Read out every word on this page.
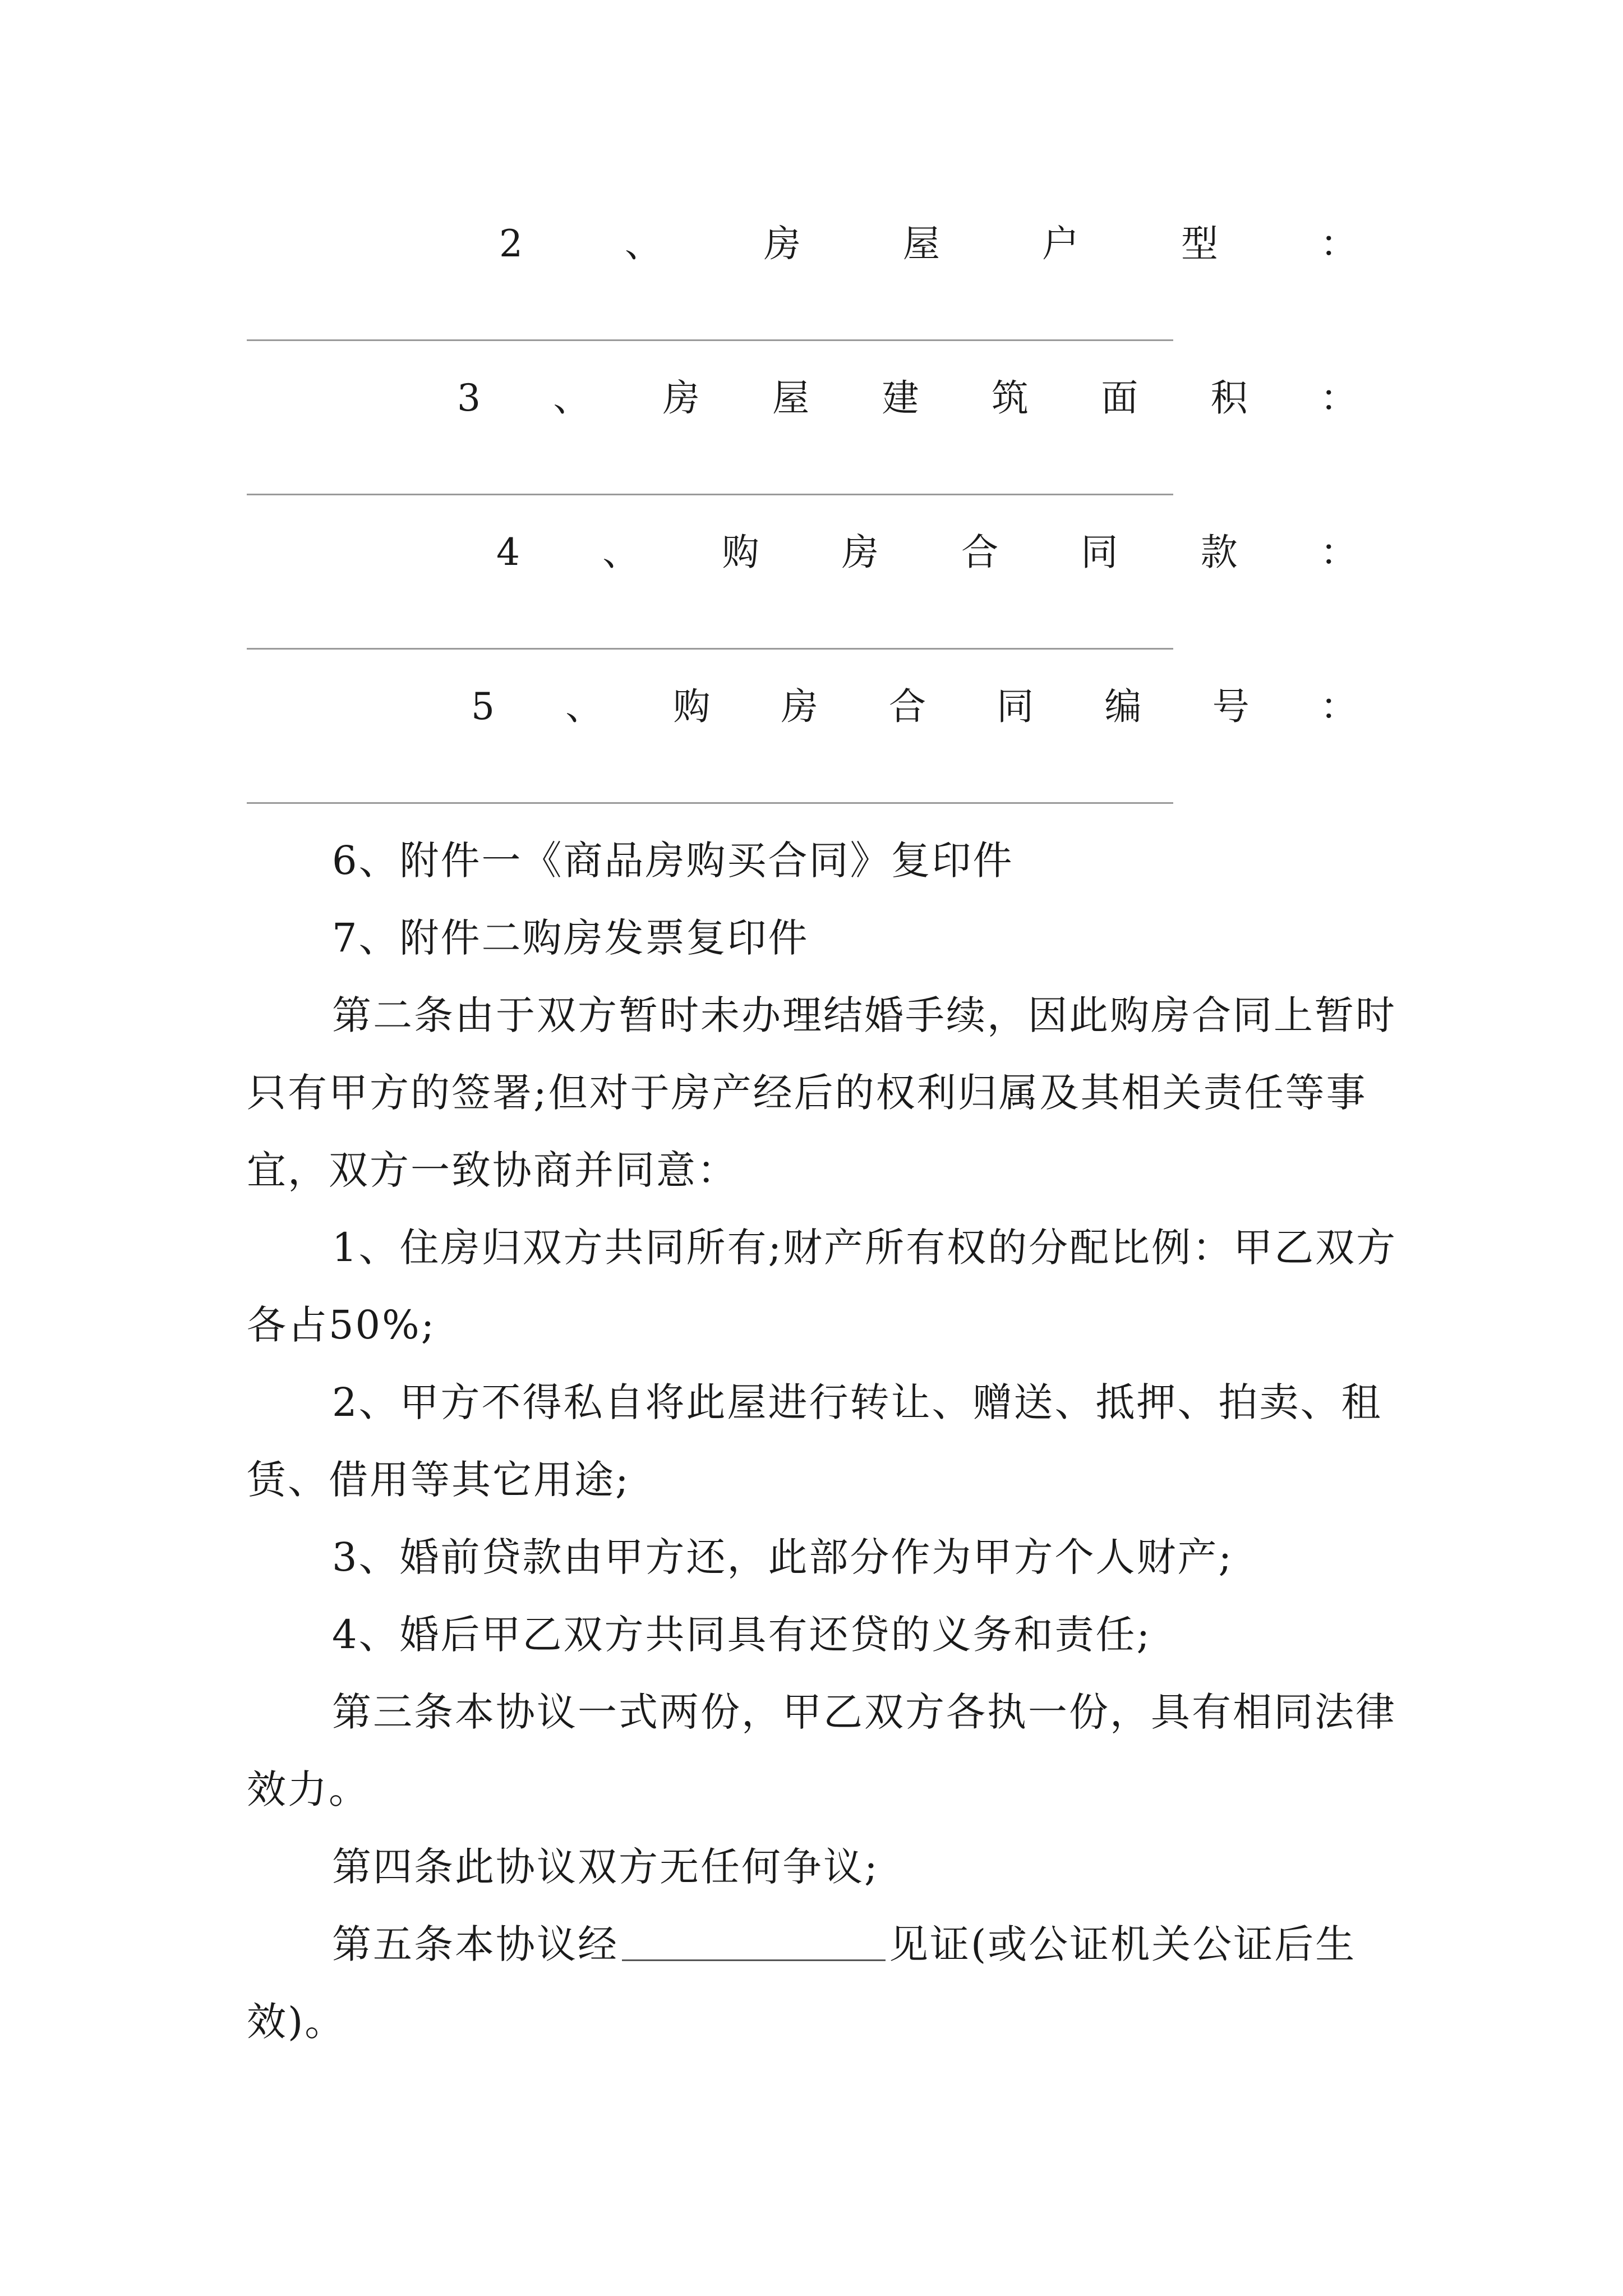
2	、	房	屋	户	型	：
3 、 房 屋 建 筑 面 积 ：
4 、 购 房 合 同 款 ：
5 、 购 房 合 同 编 号 ：

6、附件一《商品房购买合同》复印件

7、附件二购房发票复印件

第二条由于双方暂时未办理结婚手续，因此购房合同上暂时只有甲方的签署;但对于房产经后的权利归属及其相关责任等事宜，双方一致协商并同意：

1、住房归双方共同所有;财产所有权的分配比例：甲乙双方各占50%;

2、甲方不得私自将此屋进行转让、赠送、抵押、拍卖、租赁、借用等其它用途;

3、婚前贷款由甲方还，此部分作为甲方个人财产;

4、婚后甲乙双方共同具有还贷的义务和责任;

第三条本协议一式两份，甲乙双方各执一份，具有相同法律效力。

第四条此协议双方无任何争议;

第五条本协议经	见证(或公证机关公证后生效)。
